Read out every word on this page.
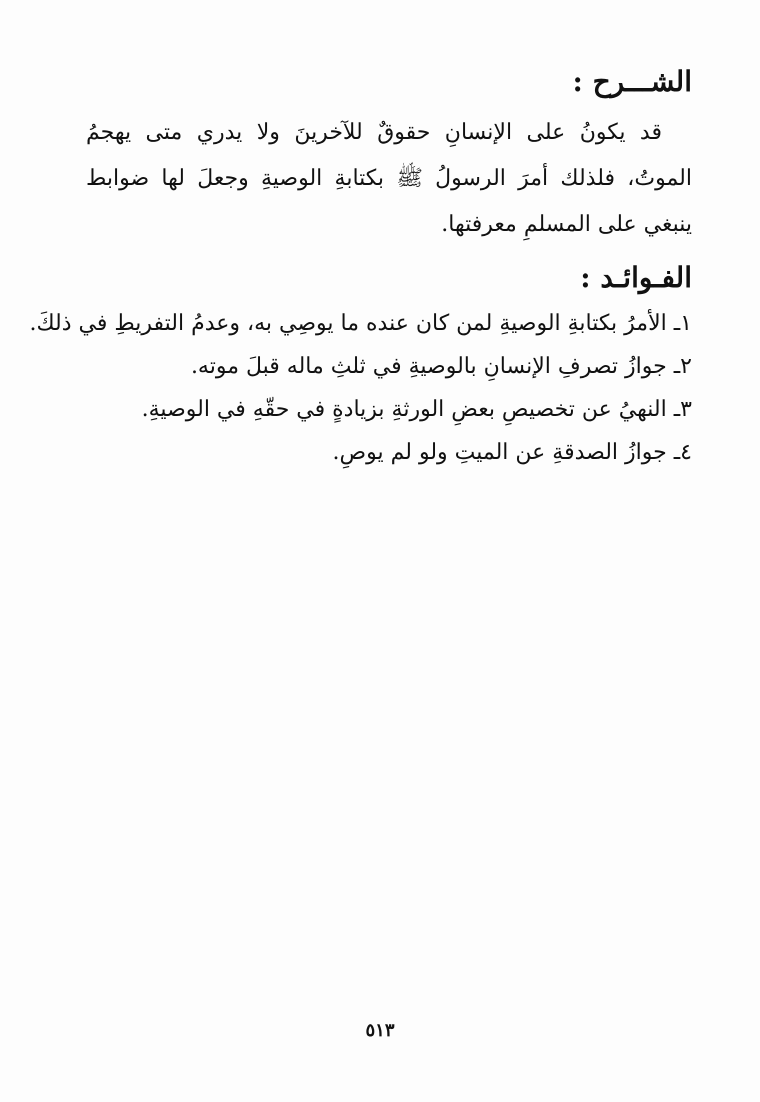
الشـــرح :

قد يكونُ على الإنسانِ حقوقٌ للآخرينَ ولا يدري متى يهجمُ الموتُ، فلذلك أمرَ الرسولُ ﷺ بكتابةِ الوصيةِ وجعلَ لها ضوابط ينبغي على المسلمِ معرفتها.

الفـوائـد :
١ـ الأمرُ بكتابةِ الوصيةِ لمن كان عنده ما يوصِي به، وعدمُ التفريطِ في ذلكَ.
٢ـ جوازُ تصرفِ الإنسانِ بالوصيةِ في ثلثِ ماله قبلَ موته.
٣ـ النهيُ عن تخصيصِ بعضِ الورثةِ بزيادةٍ في حقّهِ في الوصيةِ.
٤ـ جوازُ الصدقةِ عن الميتِ ولو لم يوصِ.
٥١٣
